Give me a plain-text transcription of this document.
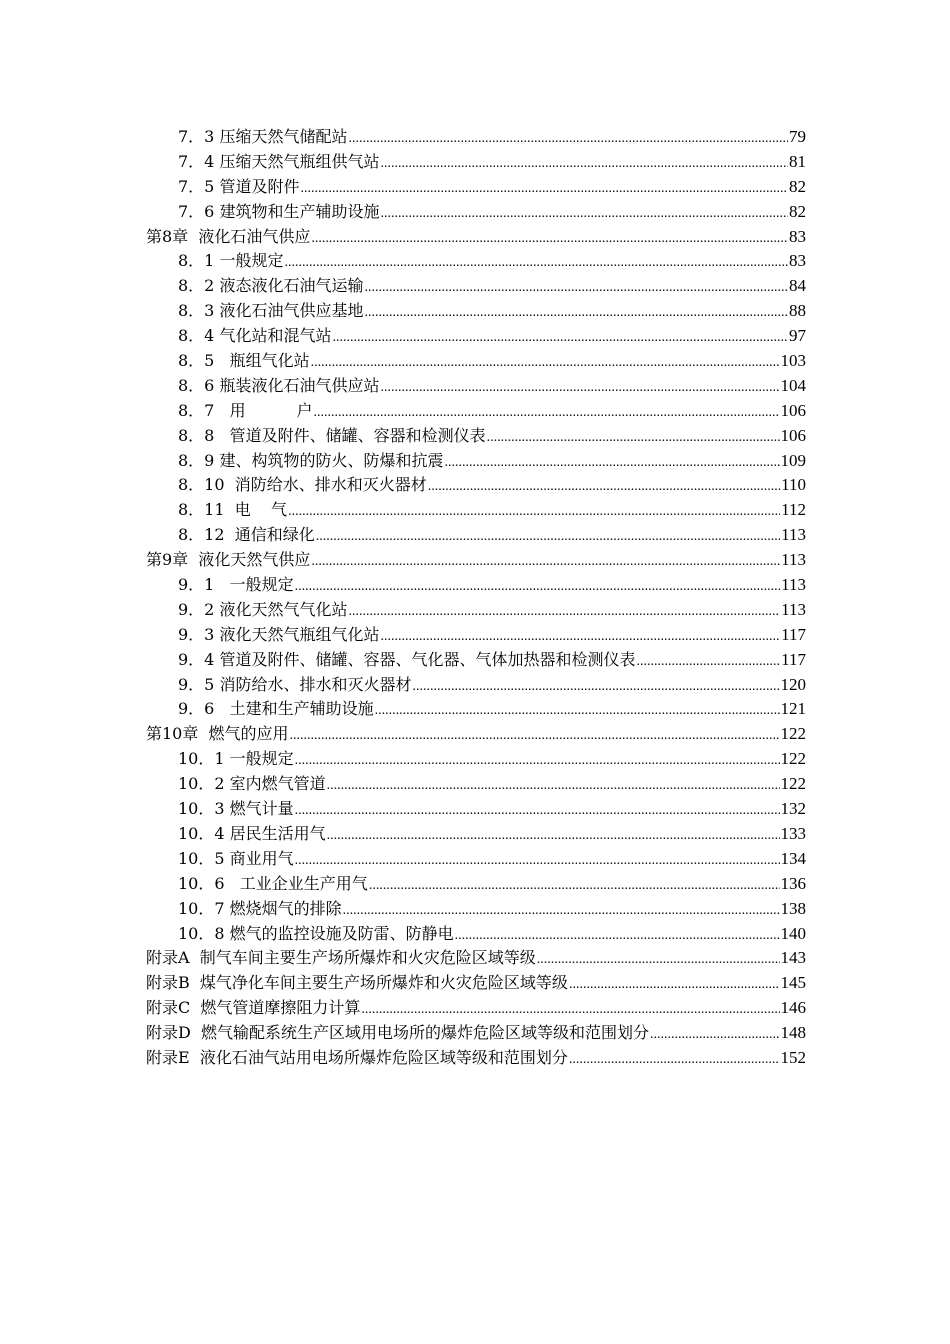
7．3 压缩天然气储配站 .....	79
7．4 压缩天然气瓶组供气站 .....	81
7．5 管道及附件 .....	82
7．6 建筑物和生产辅助设施 .....	82
第8章  液化石油气供应 .....	83
8．1 一般规定 .....	83
8．2 液态液化石油气运输 .....	84
8．3 液化石油气供应基地 .....	88
8．4 气化站和混气站 .....	97
8．5   瓶组气化站 .....	103
8．6 瓶装液化石油气供应站 .....	104
8．7   用          户 .....	106
8．8   管道及附件、储罐、容器和检测仪表 .....	106
8．9 建、构筑物的防火、防爆和抗震 .....	109
8．10  消防给水、排水和灭火器材 .....	110
8．11  电    气 .....	112
8．12  通信和绿化 .....	113
第9章  液化天然气供应 .....	113
9．1   一般规定 .....	113
9．2 液化天然气气化站 .....	113
9．3 液化天然气瓶组气化站 .....	117
9．4 管道及附件、储罐、容器、气化器、气体加热器和检测仪表 .....	117
9．5 消防给水、排水和灭火器材 .....	120
9．6   土建和生产辅助设施 .....	121
第10章  燃气的应用 .....	122
10．1 一般规定 .....	122
10．2 室内燃气管道 .....	122
10．3 燃气计量 .....	132
10．4 居民生活用气 .....	133
10．5 商业用气 .....	134
10．6   工业企业生产用气 .....	136
10．7 燃烧烟气的排除 .....	138
10．8 燃气的监控设施及防雷、防静电 .....	140
附录A  制气车间主要生产场所爆炸和火灾危险区域等级 .....	143
附录B  煤气净化车间主要生产场所爆炸和火灾危险区域等级 .....	145
附录C  燃气管道摩擦阻力计算 .....	146
附录D  燃气输配系统生产区域用电场所的爆炸危险区域等级和范围划分 .....	148
附录E  液化石油气站用电场所爆炸危险区域等级和范围划分 .....	152
